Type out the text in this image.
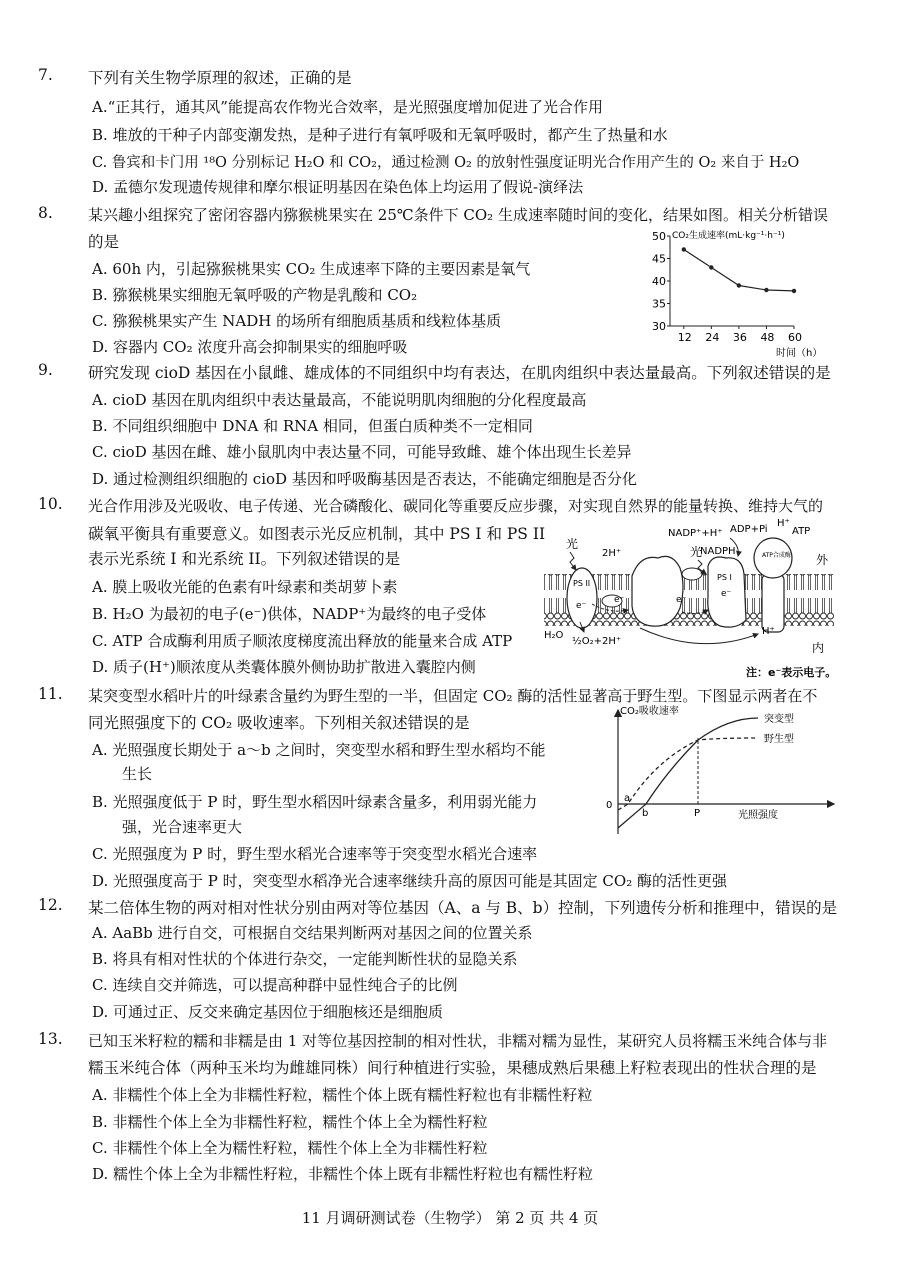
7. 下列有关生物学原理的叙述，正确的是
A.“正其行，通其风”能提高农作物光合效率，是光照强度增加促进了光合作用
B. 堆放的干种子内部变潮发热，是种子进行有氧呼吸和无氧呼吸时，都产生了热量和水
C. 鲁宾和卡门用 ¹⁸O 分别标记 H₂O 和 CO₂，通过检测 O₂ 的放射性强度证明光合作用产生的 O₂ 来自于 H₂O
D. 孟德尔发现遗传规律和摩尔根证明基因在染色体上均运用了假说-演绎法
8. 某兴趣小组探究了密闭容器内猕猴桃果实在 25℃条件下 CO₂ 生成速率随时间的变化，结果如图。相关分析错误
的是
A. 60h 内，引起猕猴桃果实 CO₂ 生成速率下降的主要因素是氧气
B. 猕猴桃果实细胞无氧呼吸的产物是乳酸和 CO₂
C. 猕猴桃果实产生 NADH 的场所有细胞质基质和线粒体基质
D. 容器内 CO₂ 浓度升高会抑制果实的细胞呼吸
30
35
40
45
50
12 24 36 48 60
CO₂生成速率(mL·kg⁻¹·h⁻¹)
时间（h）
9. 研究发现 cioD 基因在小鼠雌、雄成体的不同组织中均有表达，在肌肉组织中表达量最高。下列叙述错误的是
A. cioD 基因在肌肉组织中表达量最高，不能说明肌肉细胞的分化程度最高
B. 不同组织细胞中 DNA 和 RNA 相同，但蛋白质种类不一定相同
C. cioD 基因在雌、雄小鼠肌肉中表达量不同，可能导致雌、雄个体出现生长差异
D. 通过检测组织细胞的 cioD 基因和呼吸酶基因是否表达，不能确定细胞是否分化
10. 光合作用涉及光吸收、电子传递、光合磷酸化、碳同化等重要反应步骤，对实现自然界的能量转换、维持大气的
碳氧平衡具有重要意义。如图表示光反应机制，其中 PS I 和 PS II
表示光系统 I 和光系统 II。下列叙述错误的是
A. 膜上吸收光能的色素有叶绿素和类胡萝卜素
B. H₂O 为最初的电子(e⁻)供体，NADP⁺为最终的电子受体
C. ATP 合成酶利用质子顺浓度梯度流出释放的能量来合成 ATP
D. 质子(H⁺)顺浓度从类囊体膜外侧协助扩散进入囊腔内侧
PS II
e⁻
e⁻
PS I
e⁻
e⁻
ATP合成酶
光
光
2H⁺
NADP⁺+H⁺
NADPH
ADP+Pi
H⁺
ATP
外
内
H₂O
½O₂+2H⁺
H⁺
注：e⁻表示电子。
11. 某突变型水稻叶片的叶绿素含量约为野生型的一半，但固定 CO₂ 酶的活性显著高于野生型。下图显示两者在不
同光照强度下的 CO₂ 吸收速率。下列相关叙述错误的是
A. 光照强度长期处于 a～b 之间时，突变型水稻和野生型水稻均不能
生长
B. 光照强度低于 P 时，野生型水稻因叶绿素含量多，利用弱光能力
强，光合速率更大
C. 光照强度为 P 时，野生型水稻光合速率等于突变型水稻光合速率
D. 光照强度高于 P 时，突变型水稻净光合速率继续升高的原因可能是其固定 CO₂ 酶的活性更强
CO₂吸收速率
光照强度
0
a
b	P
突变型
野生型
12. 某二倍体生物的两对相对性状分别由两对等位基因（A、a 与 B、b）控制，下列遗传分析和推理中，错误的是
A. AaBb 进行自交，可根据自交结果判断两对基因之间的位置关系
B. 将具有相对性状的个体进行杂交，一定能判断性状的显隐关系
C. 连续自交并筛选，可以提高种群中显性纯合子的比例
D. 可通过正、反交来确定基因位于细胞核还是细胞质
13. 已知玉米籽粒的糯和非糯是由 1 对等位基因控制的相对性状，非糯对糯为显性，某研究人员将糯玉米纯合体与非
糯玉米纯合体（两种玉米均为雌雄同株）间行种植进行实验，果穗成熟后果穗上籽粒表现出的性状合理的是
A. 非糯性个体上全为非糯性籽粒，糯性个体上既有糯性籽粒也有非糯性籽粒
B. 非糯性个体上全为非糯性籽粒，糯性个体上全为糯性籽粒
C. 非糯性个体上全为糯性籽粒，糯性个体上全为非糯性籽粒
D. 糯性个体上全为非糯性籽粒，非糯性个体上既有非糯性籽粒也有糯性籽粒
11 月调研测试卷（生物学） 第 2 页 共 4 页
